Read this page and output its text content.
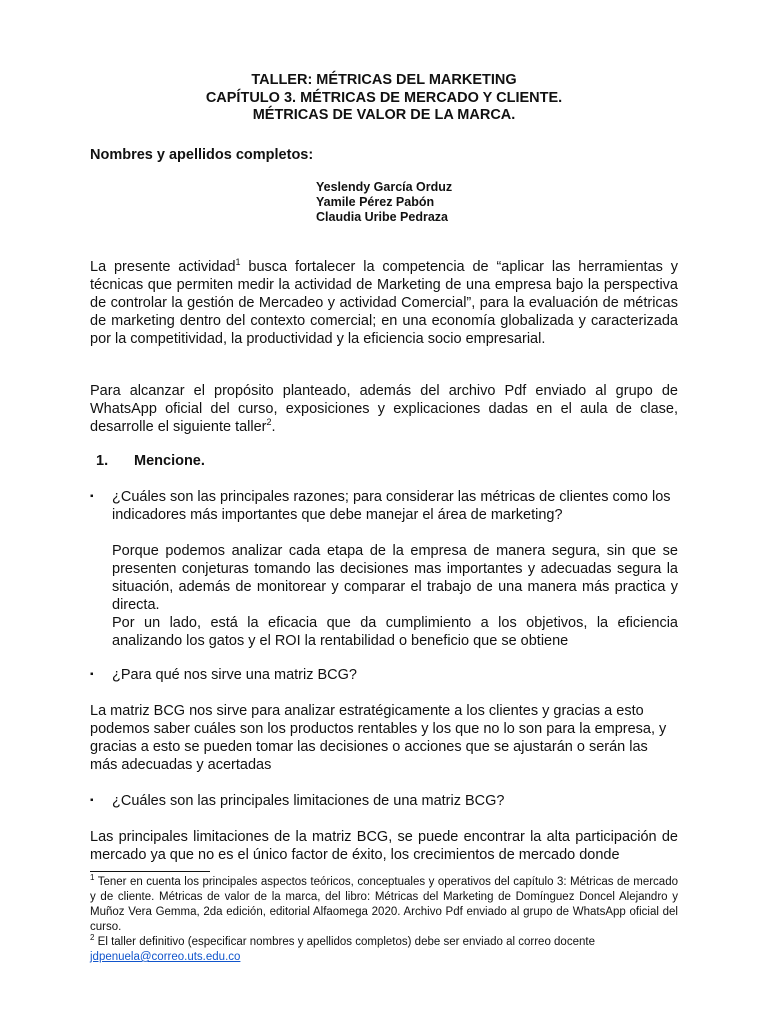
TALLER: MÉTRICAS DEL MARKETING
CAPÍTULO 3. MÉTRICAS DE MERCADO Y CLIENTE.
MÉTRICAS DE VALOR DE LA MARCA.
Nombres y apellidos completos:
Yeslendy García Orduz
Yamile Pérez Pabón
Claudia Uribe Pedraza
La presente actividad$^1$ busca fortalecer la competencia de “aplicar las herramientas y técnicas que permiten medir la actividad de Marketing de una empresa bajo la perspectiva de controlar la gestión de Mercadeo y actividad Comercial”, para la evaluación de métricas de marketing dentro del contexto comercial; en una economía globalizada y caracterizada por la competitividad, la productividad y la eficiencia socio empresarial.
Para alcanzar el propósito planteado, además del archivo Pdf enviado al grupo de WhatsApp oficial del curso, exposiciones y explicaciones dadas en el aula de clase, desarrolle el siguiente taller$^2$.
1. Mencione.
▪	¿Cuáles son las principales razones; para considerar las métricas de clientes como los indicadores más importantes que debe manejar el área de marketing?

Porque podemos analizar cada etapa de la empresa de manera segura, sin que se presenten conjeturas tomando las decisiones mas importantes y adecuadas segura la situación, además de monitorear y comparar el trabajo de una manera más practica y directa.

Por un lado, está la eficacia que da cumplimiento a los objetivos, la eficiencia analizando los gatos y el ROI la rentabilidad o beneficio que se obtiene

▪	¿Para qué nos sirve una matriz BCG?
La matriz BCG nos sirve para analizar estratégicamente a los clientes y gracias a esto podemos saber cuáles son los productos rentables y los que no lo son para la empresa, y gracias a esto se pueden tomar las decisiones o acciones que se ajustarán o serán las más adecuadas y acertadas
▪	¿Cuáles son las principales limitaciones de una matriz BCG?
Las principales limitaciones de la matriz BCG, se puede encontrar la alta participación de mercado ya que no es el único factor de éxito, los crecimientos de mercado donde

$^1$ Tener en cuenta los principales aspectos teóricos, conceptuales y operativos del capítulo 3: Métricas de mercado y de cliente. Métricas de valor de la marca, del libro: Métricas del Marketing de Domínguez Doncel Alejandro y Muñoz Vera Gemma, 2da edición, editorial Alfaomega 2020. Archivo Pdf enviado al grupo de WhatsApp oficial del curso.

$^2$ El taller definitivo (especificar nombres y apellidos completos) debe ser enviado al correo docente
jdpenuela@correo.uts.edu.co
